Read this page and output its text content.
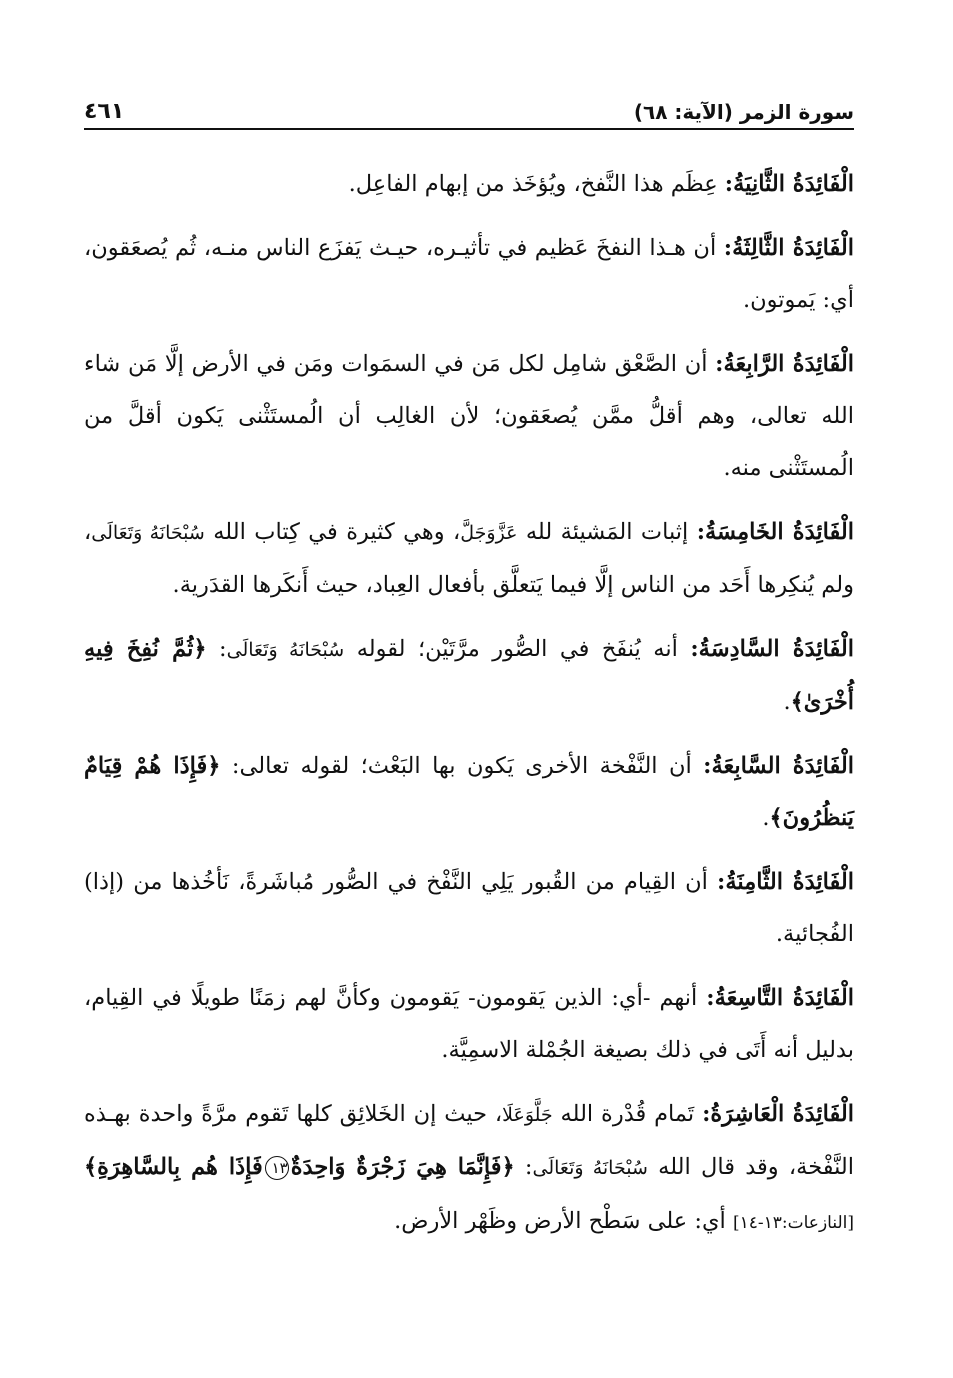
سورة الزمر (الآية: ٦٨)
٤٦١

الْفَائِدَةُ الثَّانِيَةُ: عِظَم هذا النَّفخ، ويُؤخَذ من إبهام الفاعِل.

الْفَائِدَةُ الثَّالِثَةُ: أن هـذا النفخَ عَظيم في تأثيـره، حيـث يَفزَع الناس منـه، ثُم يُصعَقون، أي: يَموتون.

الْفَائِدَةُ الرَّابِعَةُ: أن الصَّعْق شامِل لكل مَن في السمَوات ومَن في الأرض إلَّا مَن شاء الله تعالى، وهم أقلُّ ممَّن يُصعَقون؛ لأن الغالِب أن الُمستَثْنى يَكون أقلَّ من الُمستَثْنى منه.

الْفَائِدَةُ الخَامِسَةُ: إثبات المَشيئة لله عَزَّوَجَلَّ، وهي كثيرة في كِتاب الله سُبْحَانَهُ وَتَعَالَى، ولم يُنكِرها أَحَد من الناس إلَّا فيما يَتعلَّق بأفعال العِباد، حيث أَنكَرها القدَرية.

الْفَائِدَةُ السَّادِسَةُ: أنه يُنفَخ في الصُّور مرَّتَيْن؛ لقوله سُبْحَانَهُ وَتَعَالَى: ﴿ثُمَّ نُفِخَ فِيهِ أُخْرَىٰ﴾.

الْفَائِدَةُ السَّابِعَةُ: أن النَّفْخة الأخرى يَكون بها البَعْث؛ لقوله تعالى: ﴿فَإِذَا هُمْ قِيَامٌ يَنظُرُونَ﴾.

الْفَائِدَةُ الثَّامِنَةُ: أن القِيام من القُبور يَلِي النَّفْخ في الصُّور مُباشَرةً، نَأخُذها من (إذا) الفُجائية.

الْفَائِدَةُ التَّاسِعَةُ: أنهم -أي: الذين يَقومون- يَقومون وكأنَّ لهم زمَنًا طويلًا في القِيام، بدليل أنه أَتَى في ذلك بصيغة الجُمْلة الاسمِيَّة.

الْفَائِدَةُ الْعَاشِرَةُ: تَمام قُدْرة الله جَلَّوَعَلَا، حيث إن الخَلائِق كلها تَقوم مرَّةً واحدة بهـذه النَّفْخة، وقد قال الله سُبْحَانَهُ وَتَعَالَى: ﴿فَإِنَّمَا هِيَ زَجْرَةٌ وَاحِدَةٌ١٣فَإِذَا هُم بِالسَّاهِرَةِ﴾ [النازعات:١٣-١٤] أي: على سَطْح الأرض وظَهْر الأرض.
